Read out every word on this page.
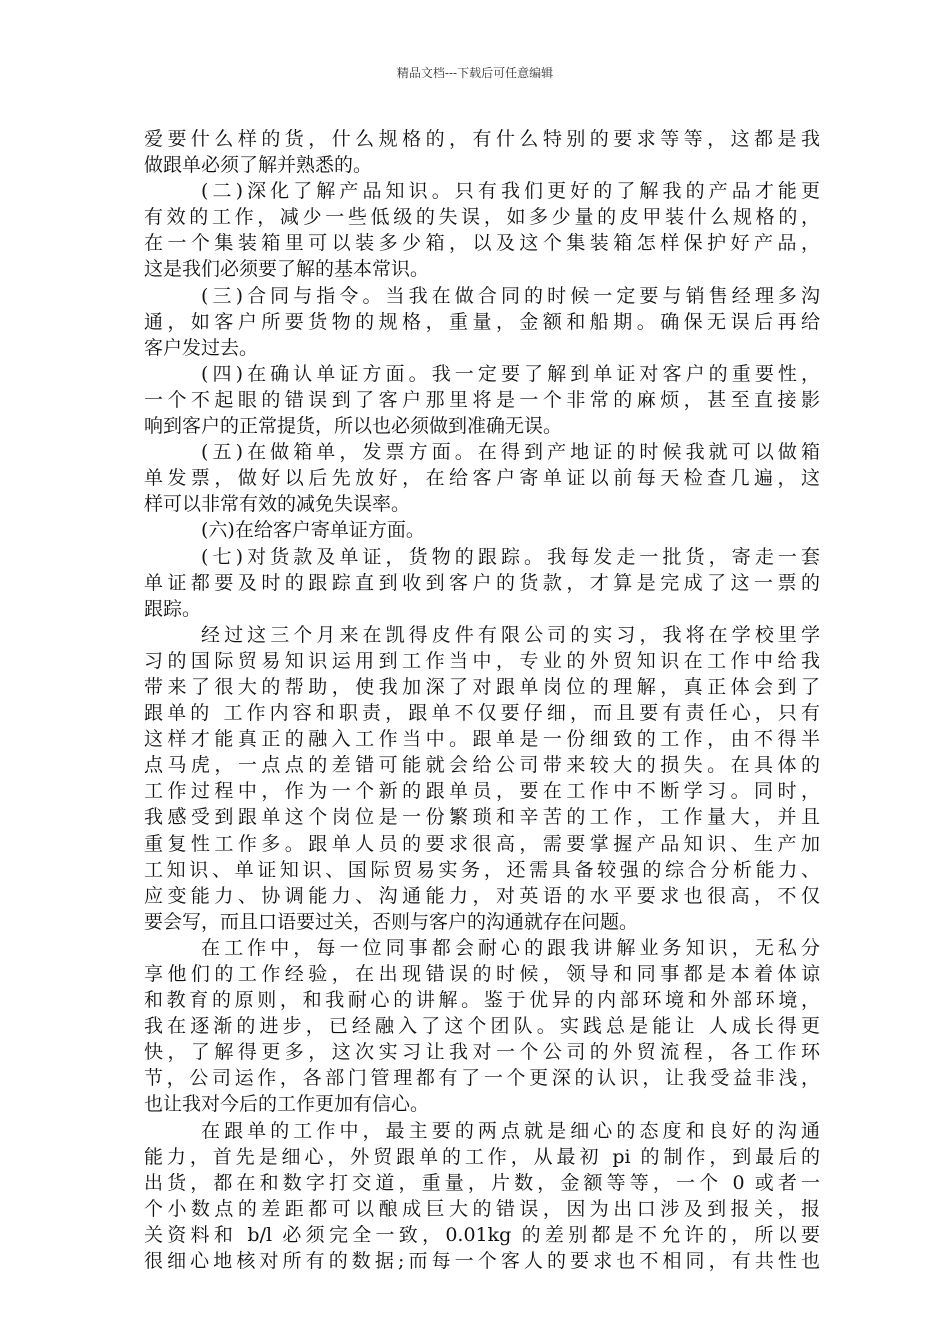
精品文档---下载后可任意编辑
爱要什么样的货，什么规格的，有什么特别的要求等等，这都是我
做跟单必须了解并熟悉的。
(二)深化了解产品知识。只有我们更好的了解我的产品才能更
有效的工作，减少一些低级的失误，如多少量的皮甲装什么规格的，
在一个集装箱里可以装多少箱，以及这个集装箱怎样保护好产品，
这是我们必须要了解的基本常识。
(三)合同与指令。当我在做合同的时候一定要与销售经理多沟
通，如客户所要货物的规格，重量，金额和船期。确保无误后再给
客户发过去。
(四)在确认单证方面。我一定要了解到单证对客户的重要性，
一个不起眼的错误到了客户那里将是一个非常的麻烦，甚至直接影
响到客户的正常提货，所以也必须做到准确无误。
(五)在做箱单，发票方面。在得到产地证的时候我就可以做箱
单发票，做好以后先放好，在给客户寄单证以前每天检查几遍，这
样可以非常有效的减免失误率。
(六)在给客户寄单证方面。
(七)对货款及单证，货物的跟踪。我每发走一批货，寄走一套
单证都要及时的跟踪直到收到客户的货款，才算是完成了这一票的
跟踪。
经过这三个月来在凯得皮件有限公司的实习，我将在学校里学
习的国际贸易知识运用到工作当中，专业的外贸知识在工作中给我
带来了很大的帮助，使我加深了对跟单岗位的理解，真正体会到了
跟单的 工作内容和职责，跟单不仅要仔细，而且要有责任心，只有
这样才能真正的融入工作当中。跟单是一份细致的工作，由不得半
点马虎，一点点的差错可能就会给公司带来较大的损失。在具体的
工作过程中，作为一个新的跟单员，要在工作中不断学习。同时，
我感受到跟单这个岗位是一份繁琐和辛苦的工作，工作量大，并且
重复性工作多。跟单人员的要求很高，需要掌握产品知识、生产加
工知识、单证知识、国际贸易实务，还需具备较强的综合分析能力、
应变能力、协调能力、沟通能力，对英语的水平要求也很高，不仅
要会写，而且口语要过关，否则与客户的沟通就存在问题。
在工作中，每一位同事都会耐心的跟我讲解业务知识，无私分
享他们的工作经验，在出现错误的时候，领导和同事都是本着体谅
和教育的原则，和我耐心的讲解。鉴于优异的内部环境和外部环境，
我在逐渐的进步，已经融入了这个团队。实践总是能让 人成长得更
快，了解得更多，这次实习让我对一个公司的外贸流程，各工作环
节，公司运作，各部门管理都有了一个更深的认识，让我受益非浅，
也让我对今后的工作更加有信心。
在跟单的工作中，最主要的两点就是细心的态度和良好的沟通
能力，首先是细心，外贸跟单的工作，从最初 pi 的制作，到最后的
出货，都在和数字打交道，重量，片数，金额等等，一个 0 或者一
个小数点的差距都可以酿成巨大的错误，因为出口涉及到报关，报
关资料和 b/l 必须完全一致，0.01kg 的差别都是不允许的，所以要
很细心地核对所有的数据;而每一个客人的要求也不相同，有共性也
